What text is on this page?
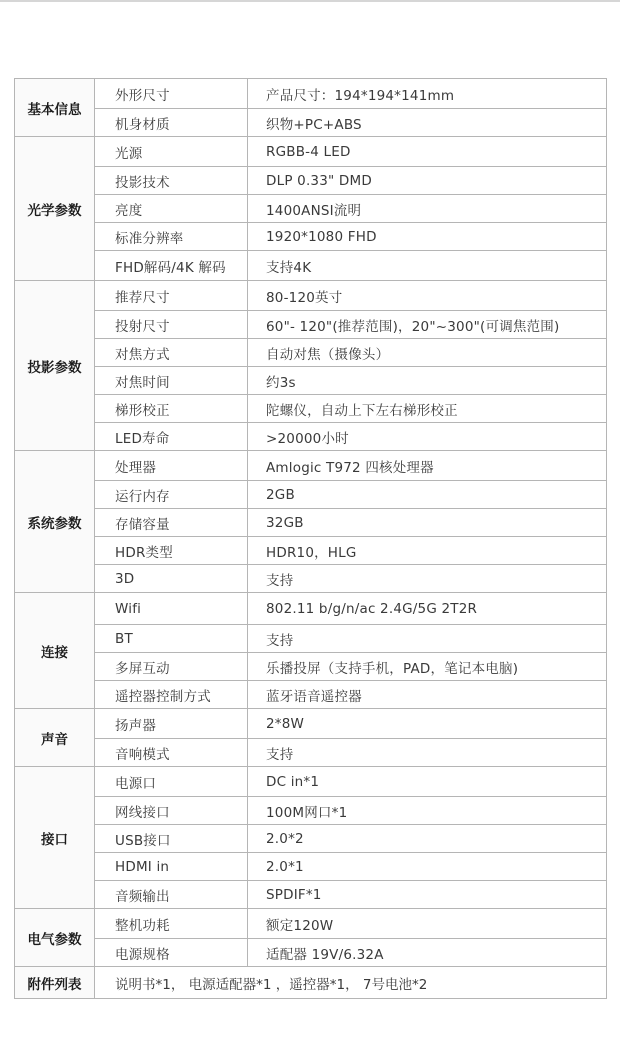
基本信息	外形尺寸	产品尺寸：194*194*141mm
	机身材质	织物+PC+ABS
光学参数	光源	RGBB-4 LED
	投影技术	DLP 0.33" DMD
	亮度	1400ANSI流明
	标准分辨率	1920*1080 FHD
	FHD解码/4K 解码	支持4K
投影参数	推荐尺寸	80-120英寸
	投射尺寸	60"- 120"(推荐范围)，20"~300"(可调焦范围)
	对焦方式	自动对焦（摄像头）
	对焦时间	约3s
	梯形校正	陀螺仪，自动上下左右梯形校正
	LED寿命	>20000小时
系统参数	处理器	Amlogic T972 四核处理器
	运行内存	2GB
	存储容量	32GB
	HDR类型	HDR10，HLG
	3D	支持
连接	Wifi	802.11 b/g/n/ac 2.4G/5G 2T2R
	BT	支持
	多屏互动	乐播投屏（支持手机，PAD，笔记本电脑)
	遥控器控制方式	蓝牙语音遥控器
声音	扬声器	2*8W
	音响模式	支持
接口	电源口	DC in*1
	网线接口	100M网口*1
	USB接口	2.0*2
	HDMI in	2.0*1
	音频输出	SPDIF*1
电气参数	整机功耗	额定120W
	电源规格	适配器 19V/6.32A
附件列表	说明书*1， 电源适配器*1 ，遥控器*1， 7号电池*2	
